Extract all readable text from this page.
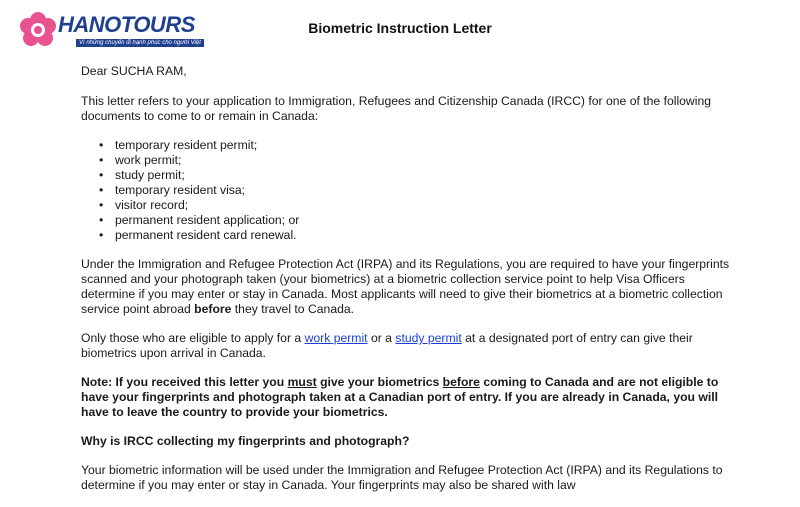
HANOTOURS
Vì những chuyến đi hạnh phúc cho người Việt
Biometric Instruction Letter

Dear SUCHA RAM,

This letter refers to your application to Immigration, Refugees and Citizenship Canada (IRCC) for one of the following documents to come to or remain in Canada:

• temporary resident permit;
• work permit;
• study permit;
• temporary resident visa;
• visitor record;
• permanent resident application; or
• permanent resident card renewal.

Under the Immigration and Refugee Protection Act (IRPA) and its Regulations, you are required to have your fingerprints scanned and your photograph taken (your biometrics) at a biometric collection service point to help Visa Officers determine if you may enter or stay in Canada. Most applicants will need to give their biometrics at a biometric collection service point abroad before they travel to Canada.

Only those who are eligible to apply for a work permit or a study permit at a designated port of entry can give their biometrics upon arrival in Canada.

Note: If you received this letter you must give your biometrics before coming to Canada and are not eligible to have your fingerprints and photograph taken at a Canadian port of entry. If you are already in Canada, you will have to leave the country to provide your biometrics.

Why is IRCC collecting my fingerprints and photograph?

Your biometric information will be used under the Immigration and Refugee Protection Act (IRPA) and its Regulations to determine if you may enter or stay in Canada. Your fingerprints may also be shared with law
